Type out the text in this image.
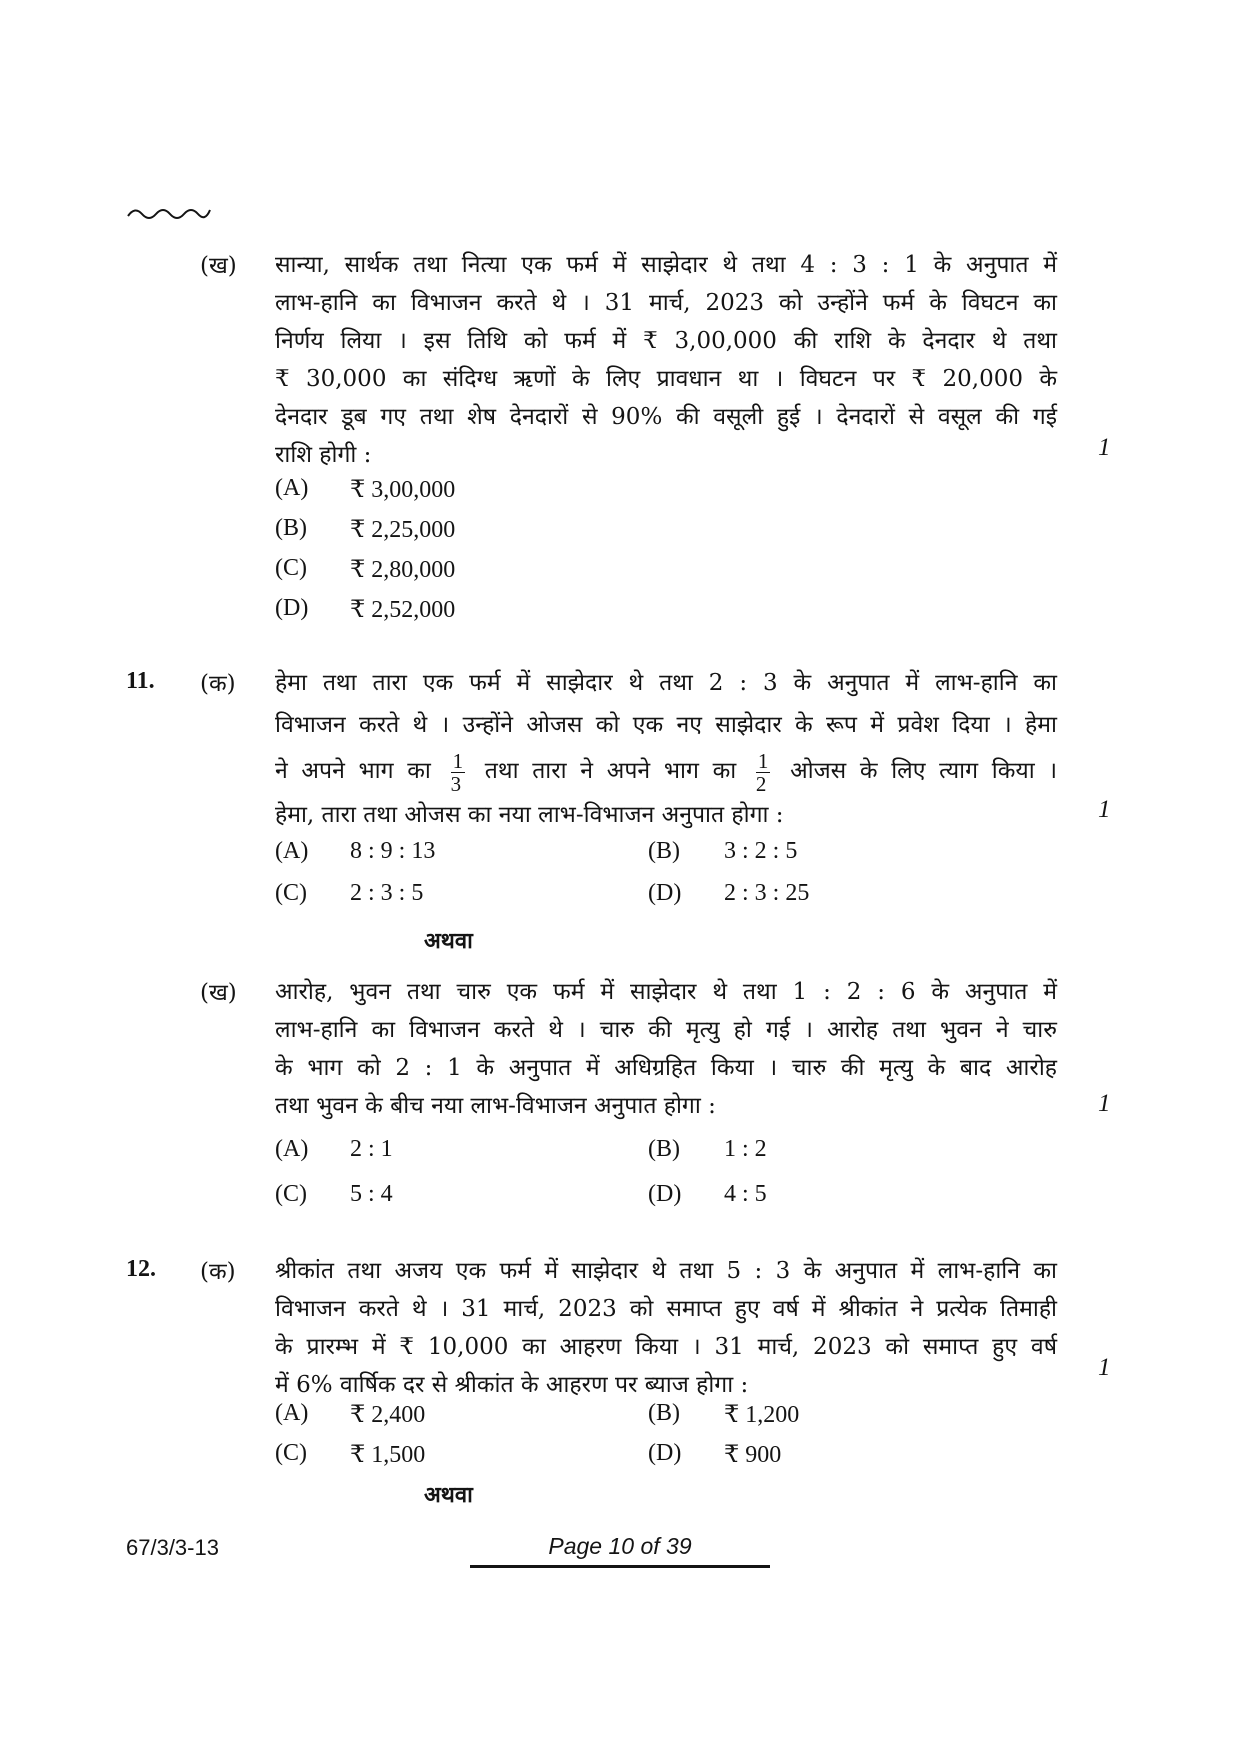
(ख) सान्या, सार्थक तथा नित्या एक फर्म में साझेदार थे तथा 4 : 3 : 1 के अनुपात में
लाभ-हानि का विभाजन करते थे । 31 मार्च, 2023 को उन्होंने फर्म के विघटन का
निर्णय लिया । इस तिथि को फर्म में ₹ 3,00,000 की राशि के देनदार थे तथा
₹ 30,000 का संदिग्ध ऋणों के लिए प्रावधान था । विघटन पर ₹ 20,000 के
देनदार डूब गए तथा शेष देनदारों से 90% की वसूली हुई । देनदारों से वसूल की गई
राशि होगी :	1
(A) ₹ 3,00,000
(B) ₹ 2,25,000
(C) ₹ 2,80,000
(D) ₹ 2,52,000
11. (क) हेमा तथा तारा एक फर्म में साझेदार थे तथा 2 : 3 के अनुपात में लाभ-हानि का
विभाजन करते थे । उन्होंने ओजस को एक नए साझेदार के रूप में प्रवेश दिया । हेमा
ने अपने भाग का $\frac{1}{3}$ तथा तारा ने अपने भाग का $\frac{1}{2}$ ओजस के लिए त्याग किया ।
हेमा, तारा तथा ओजस का नया लाभ-विभाजन अनुपात होगा :	1
(A) 8 : 9 : 13	(B) 3 : 2 : 5
(C) 2 : 3 : 5	(D) 2 : 3 : 25
अथवा
(ख) आरोह, भुवन तथा चारु एक फर्म में साझेदार थे तथा 1 : 2 : 6 के अनुपात में
लाभ-हानि का विभाजन करते थे । चारु की मृत्यु हो गई । आरोह तथा भुवन ने चारु
के भाग को 2 : 1 के अनुपात में अधिग्रहित किया । चारु की मृत्यु के बाद आरोह
तथा भुवन के बीच नया लाभ-विभाजन अनुपात होगा :	1
(A) 2 : 1	(B) 1 : 2
(C) 5 : 4	(D) 4 : 5
12. (क) श्रीकांत तथा अजय एक फर्म में साझेदार थे तथा 5 : 3 के अनुपात में लाभ-हानि का
विभाजन करते थे । 31 मार्च, 2023 को समाप्त हुए वर्ष में श्रीकांत ने प्रत्येक तिमाही
के प्रारम्भ में ₹ 10,000 का आहरण किया । 31 मार्च, 2023 को समाप्त हुए वर्ष
में 6% वार्षिक दर से श्रीकांत के आहरण पर ब्याज होगा :
1
(A) ₹ 2,400	(B) ₹ 1,200
(C) ₹ 1,500	(D) ₹ 900
अथवा
67/3/3-13	Page 10 of 39
